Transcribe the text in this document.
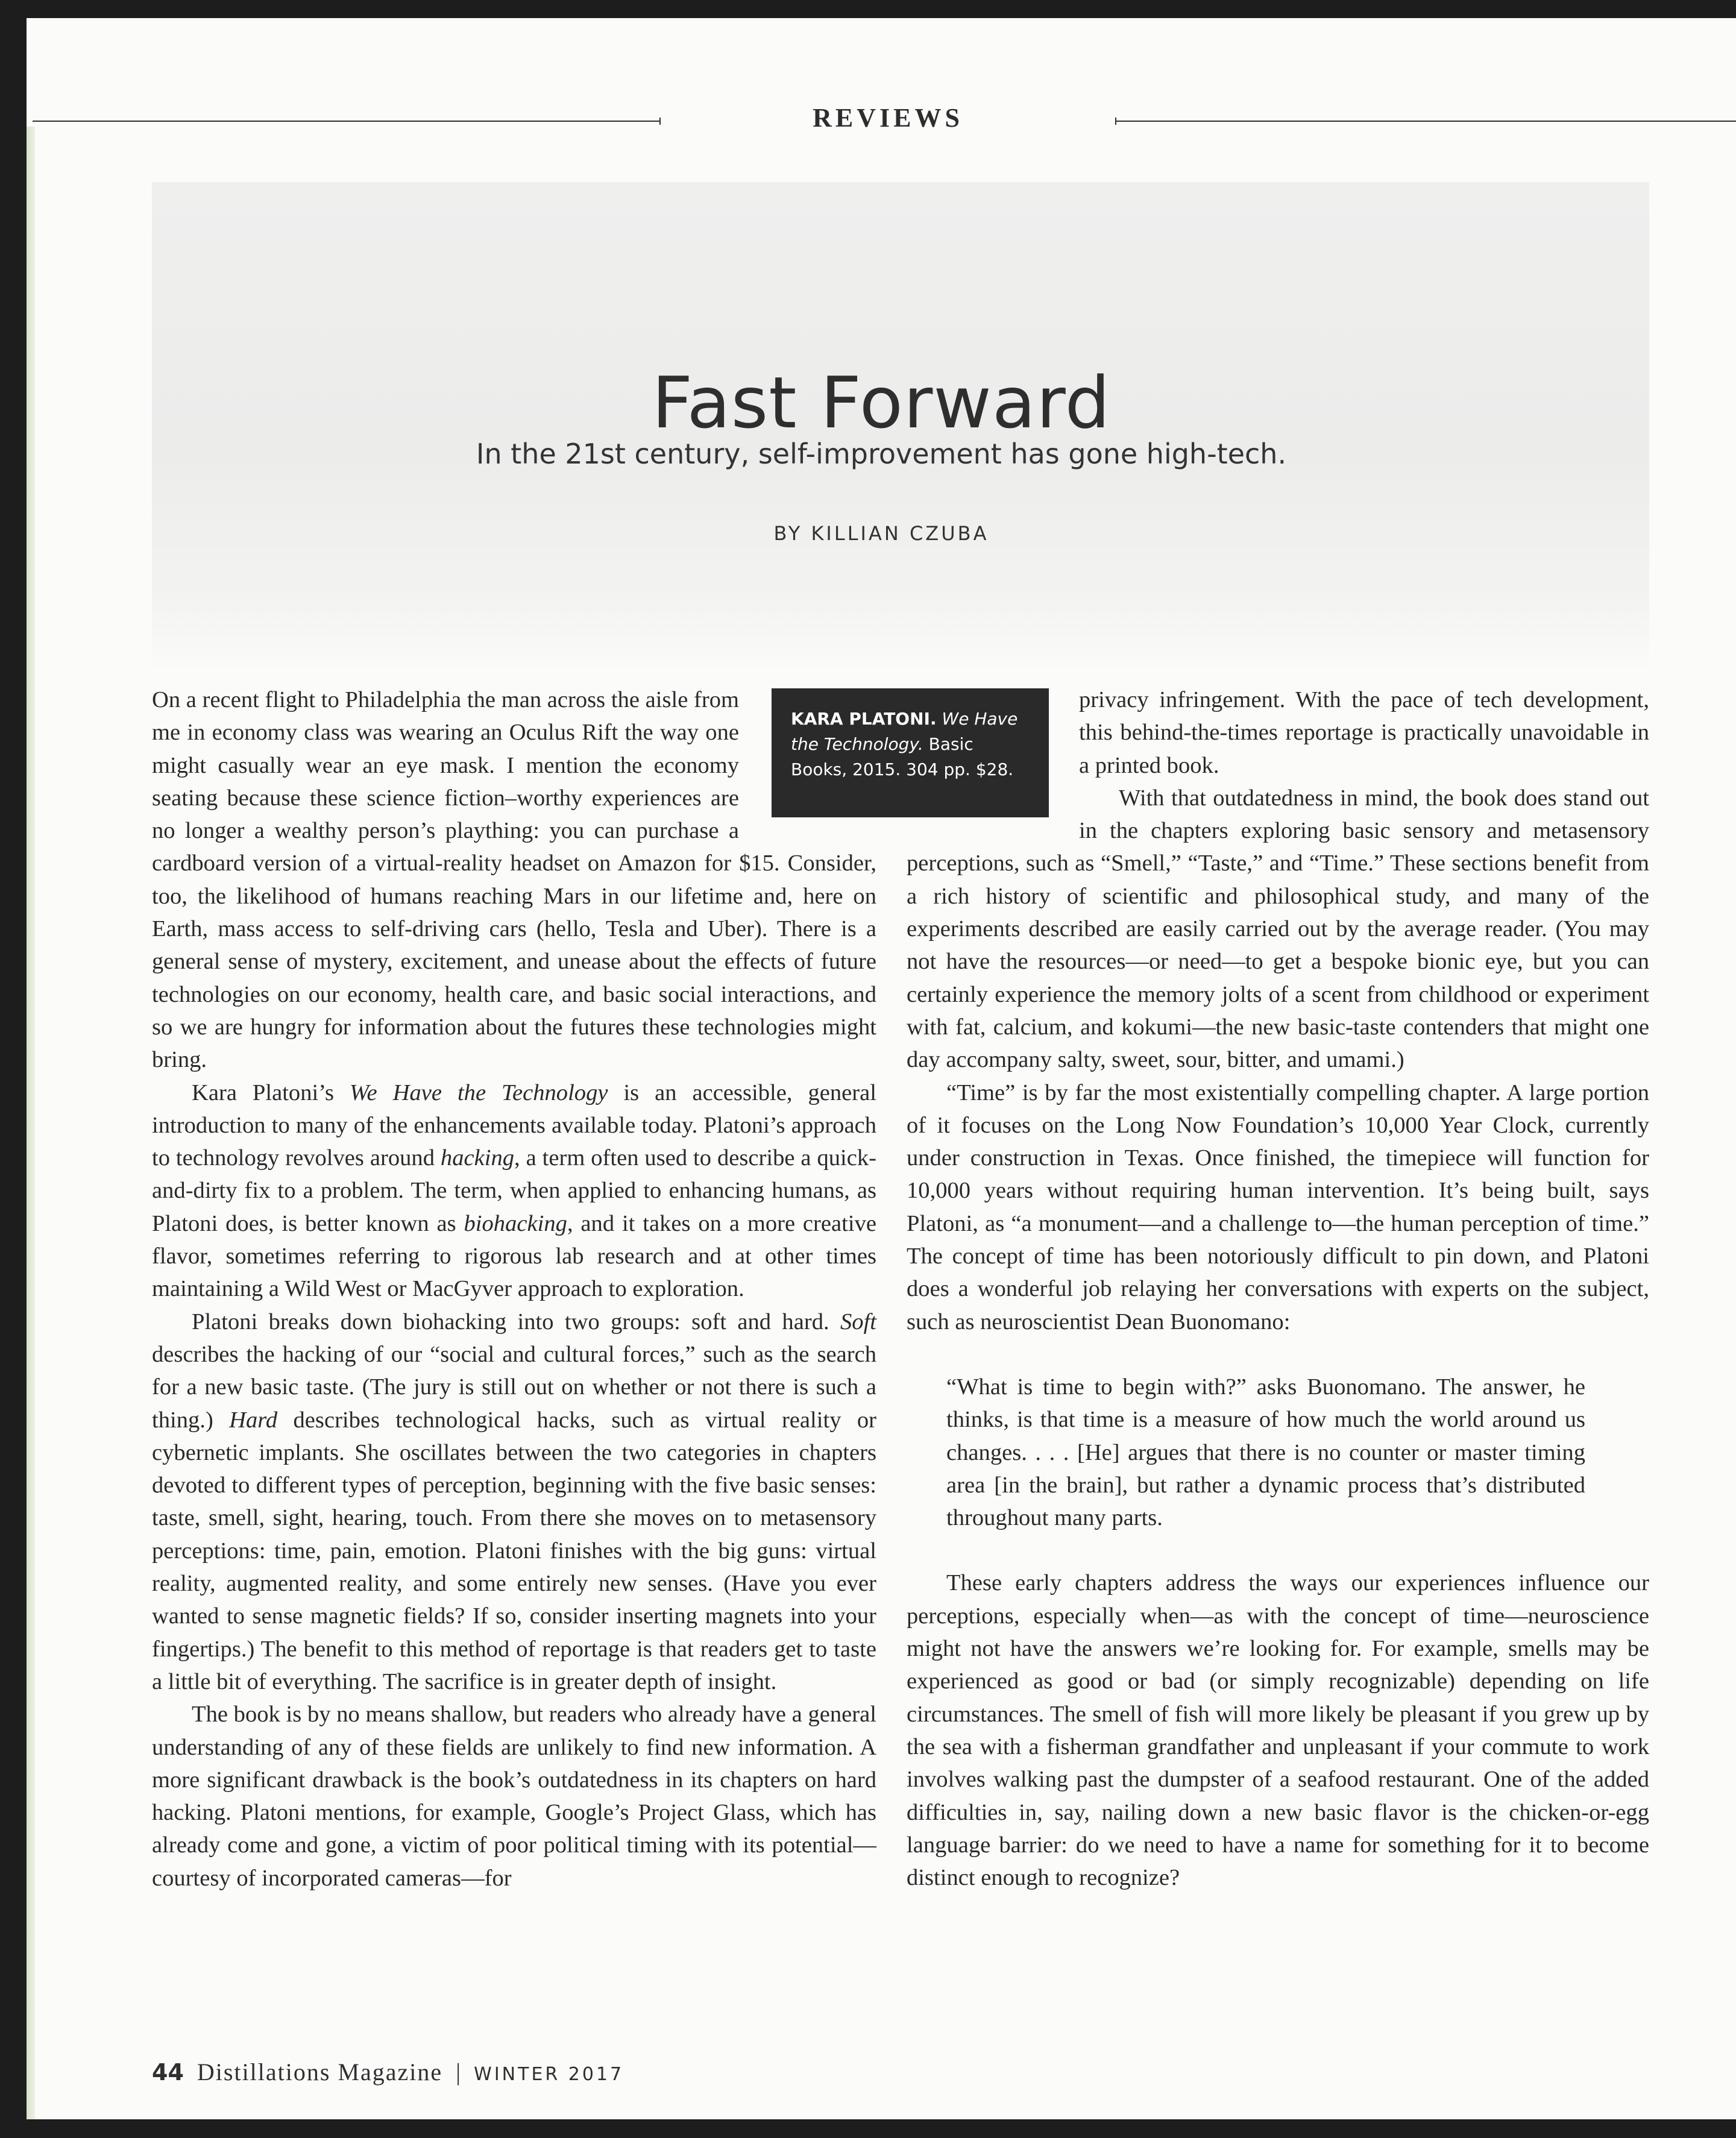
REVIEWS
Fast Forward
In the 21st century, self-improvement has gone high-tech.
BY KILLIAN CZUBA

KARA PLATONI. We Have the Technology. Basic Books, 2015. 304 pp. $28.
On a recent flight to Philadelphia the man across the aisle from me in economy class was wearing an Oculus Rift the way one might casually wear an eye mask. I mention the economy seating because these science fiction–worthy experiences are no longer a wealthy person’s plaything: you can purchase a cardboard version of a virtual-reality headset on Amazon for $15. Consider, too, the likelihood of humans reaching Mars in our lifetime and, here on Earth, mass access to self-driving cars (hello, Tesla and Uber). There is a general sense of mystery, excitement, and unease about the effects of future technologies on our economy, health care, and basic social interactions, and so we are hungry for information about the futures these technologies might bring.

Kara Platoni’s We Have the Technology is an accessible, general introduction to many of the enhancements available today. Platoni’s approach to technology revolves around hacking, a term often used to describe a quick-and-dirty fix to a problem. The term, when applied to enhancing humans, as Platoni does, is better known as biohacking, and it takes on a more creative flavor, sometimes referring to rigorous lab research and at other times maintaining a Wild West or MacGyver approach to exploration.

Platoni breaks down biohacking into two groups: soft and hard. Soft describes the hacking of our “social and cultural forces,” such as the search for a new basic taste. (The jury is still out on whether or not there is such a thing.) Hard describes technological hacks, such as virtual reality or cybernetic implants. She oscillates between the two categories in chapters devoted to different types of perception, beginning with the five basic senses: taste, smell, sight, hearing, touch. From there she moves on to metasensory perceptions: time, pain, emotion. Platoni finishes with the big guns: virtual reality, augmented reality, and some entirely new senses. (Have you ever wanted to sense magnetic fields? If so, consider inserting magnets into your fingertips.) The benefit to this method of reportage is that readers get to taste a little bit of everything. The sacrifice is in greater depth of insight.

The book is by no means shallow, but readers who already have a general understanding of any of these fields are unlikely to find new information. A more significant drawback is the book’s outdatedness in its chapters on hard hacking. Platoni mentions, for example, Google’s Project Glass, which has already come and gone, a victim of poor political timing with its potential—courtesy of incorporated cameras—for

privacy infringement. With the pace of tech development, this behind-the-times reportage is practically unavoidable in a printed book.

With that outdatedness in mind, the book does stand out in the chapters exploring basic sensory and metasensory perceptions, such as “Smell,” “Taste,” and “Time.” These sections benefit from a rich history of scientific and philosophical study, and many of the experiments described are easily carried out by the average reader. (You may not have the resources—or need—to get a bespoke bionic eye, but you can certainly experience the memory jolts of a scent from childhood or experiment with fat, calcium, and kokumi—the new basic-taste contenders that might one day accompany salty, sweet, sour, bitter, and umami.)

“Time” is by far the most existentially compelling chapter. A large portion of it focuses on the Long Now Foundation’s 10,000 Year Clock, currently under construction in Texas. Once finished, the timepiece will function for 10,000 years without requiring human intervention. It’s being built, says Platoni, as “a monument—and a challenge to—the human perception of time.” The concept of time has been notoriously difficult to pin down, and Platoni does a wonderful job relaying her conversations with experts on the subject, such as neuroscientist Dean Buonomano:

“What is time to begin with?” asks Buonomano. The answer, he thinks, is that time is a measure of how much the world around us changes. . . . [He] argues that there is no counter or master timing area [in the brain], but rather a dynamic process that’s distributed throughout many parts.

These early chapters address the ways our experiences influence our perceptions, especially when—as with the concept of time—neuroscience might not have the answers we’re looking for. For example, smells may be experienced as good or bad (or simply recognizable) depending on life circumstances. The smell of fish will more likely be pleasant if you grew up by the sea with a fisherman grandfather and unpleasant if your commute to work involves walking past the dumpster of a seafood restaurant. One of the added difficulties in, say, nailing down a new basic flavor is the chicken-or-egg language barrier: do we need to have a name for something for it to become distinct enough to recognize?

44 Distillations Magazine | WINTER 2017
